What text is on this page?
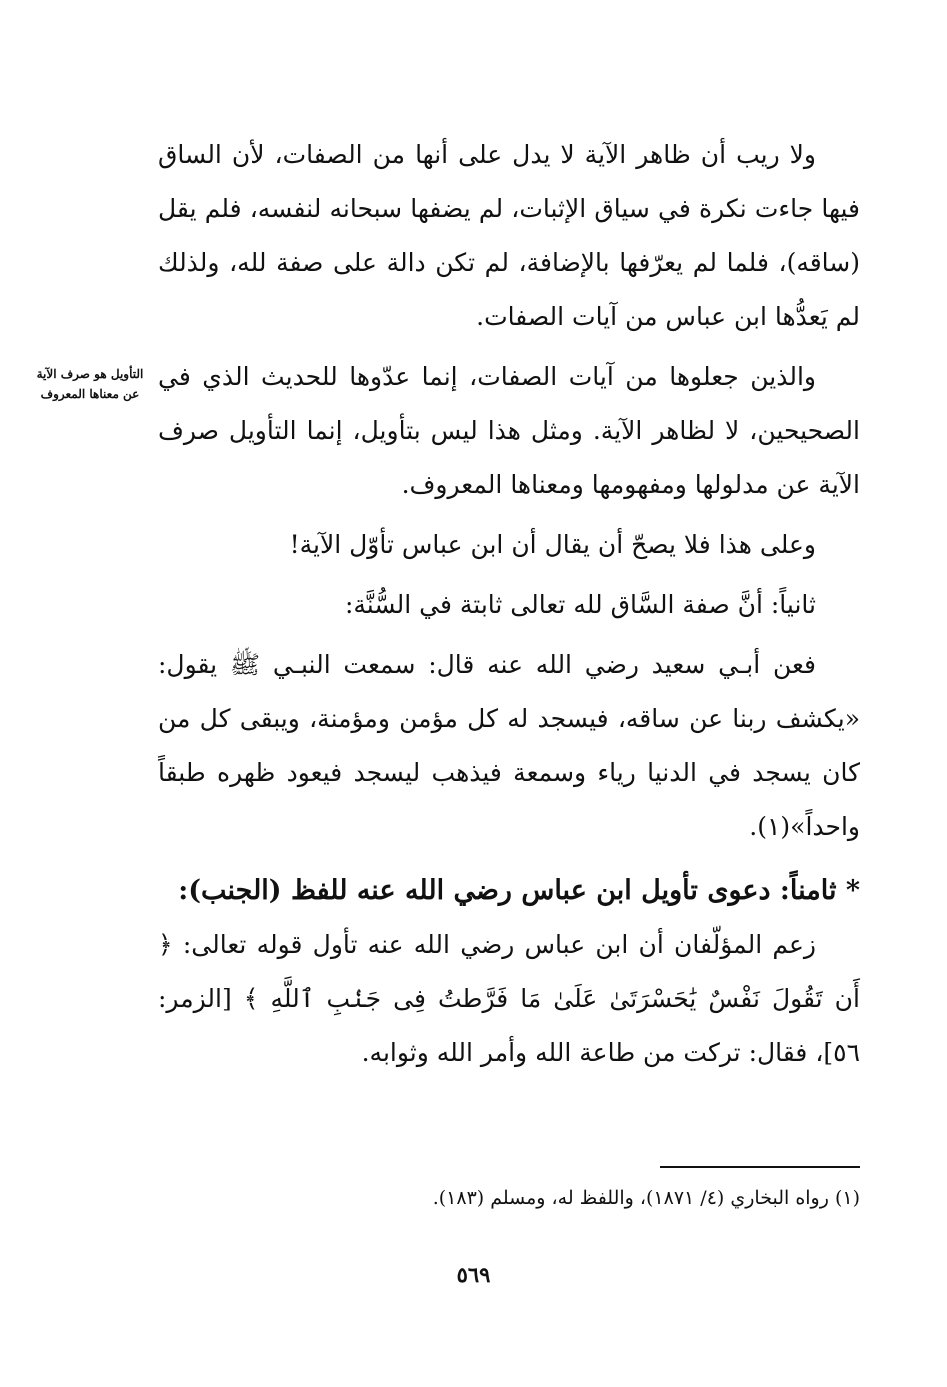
التأويل هو صرف الآية عن معناها المعروف

ولا ريب أن ظاهر الآية لا يدل على أنها من الصفات، لأن الساق فيها جاءت نكرة في سياق الإثبات، لم يضفها سبحانه لنفسه، فلم يقل (ساقه)، فلما لم يعرّفها بالإضافة، لم تكن دالة على صفة لله، ولذلك لم يَعدُّها ابن عباس من آيات الصفات.

والذين جعلوها من آيات الصفات، إنما عدّوها للحديث الذي في الصحيحين، لا لظاهر الآية. ومثل هذا ليس بتأويل، إنما التأويل صرف الآية عن مدلولها ومفهومها ومعناها المعروف.

وعلى هذا فلا يصحّ أن يقال أن ابن عباس تأوّل الآية!

ثانياً: أنَّ صفة السَّاق لله تعالى ثابتة في السُّنَّة:

فعن أبـي سعيد رضي الله عنه قال: سمعت النبـي ﷺ يقول: «يكشف ربنا عن ساقه، فيسجد له كل مؤمن ومؤمنة، ويبقى كل من كان يسجد في الدنيا رياء وسمعة فيذهب ليسجد فيعود ظهره طبقاً واحداً»(١).

* ثامناً: دعوى تأويل ابن عباس رضي الله عنه للفظ (الجنب):

زعم المؤلّفان أن ابن عباس رضي الله عنه تأول قوله تعالى: ﴿ أَن تَقُولَ نَفْسٌ يَٰحَسْرَتَىٰ عَلَىٰ مَا فَرَّطتُ فِى جَنۢبِ ٱللَّهِ ﴾ [الزمر: ٥٦]، فقال: تركت من طاعة الله وأمر الله وثوابه.

(١) رواه البخاري (٤/ ١٨٧١)، واللفظ له، ومسلم (١٨٣).
٥٦٩
